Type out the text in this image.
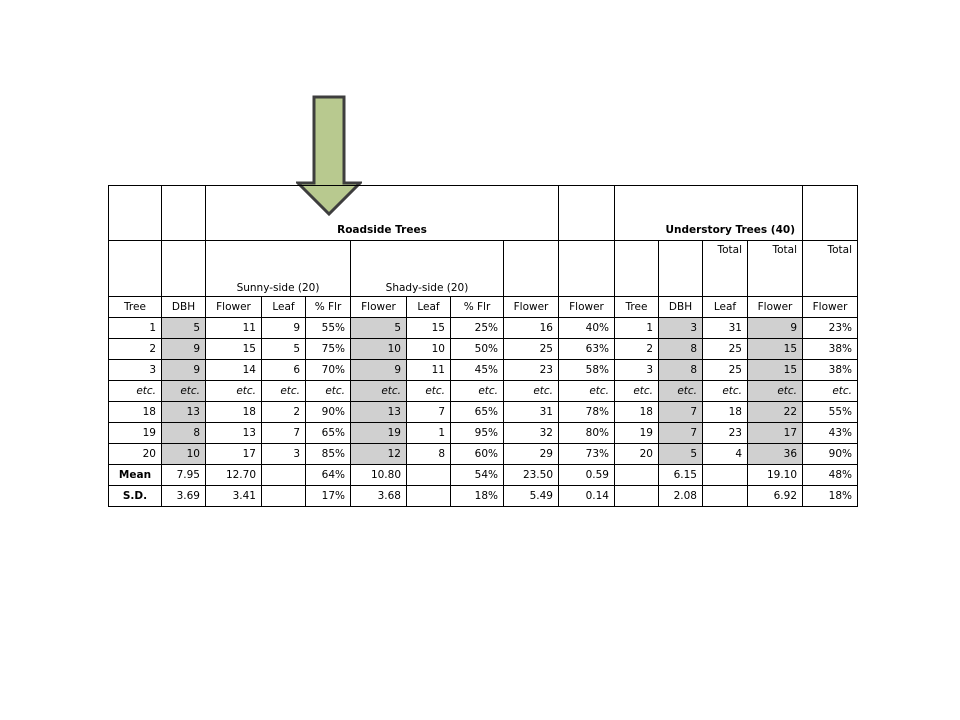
		Roadside Trees									Understory Trees (40)			
		Sunny-side (20)			Shady-side (20)							Total	Total	Total
Tree	DBH	Flower	Leaf	% Flr	Flower	Leaf	% Flr	Flower	Flower	Tree	DBH	Leaf	Flower	Flower
1	5	11	9	55%	5	15	25%	16	40%	1	3	31	9	23%
2	9	15	5	75%	10	10	50%	25	63%	2	8	25	15	38%
3	9	14	6	70%	9	11	45%	23	58%	3	8	25	15	38%
etc.	etc.	etc.	etc.	etc.	etc.	etc.	etc.	etc.	etc.	etc.	etc.	etc.	etc.	etc.
18	13	18	2	90%	13	7	65%	31	78%	18	7	18	22	55%
19	8	13	7	65%	19	1	95%	32	80%	19	7	23	17	43%
20	10	17	3	85%	12	8	60%	29	73%	20	5	4	36	90%
Mean	7.95	12.70		64%	10.80		54%	23.50	0.59		6.15		19.10	48%
S.D.	3.69	3.41		17%	3.68		18%	5.49	0.14		2.08		6.92	18%
